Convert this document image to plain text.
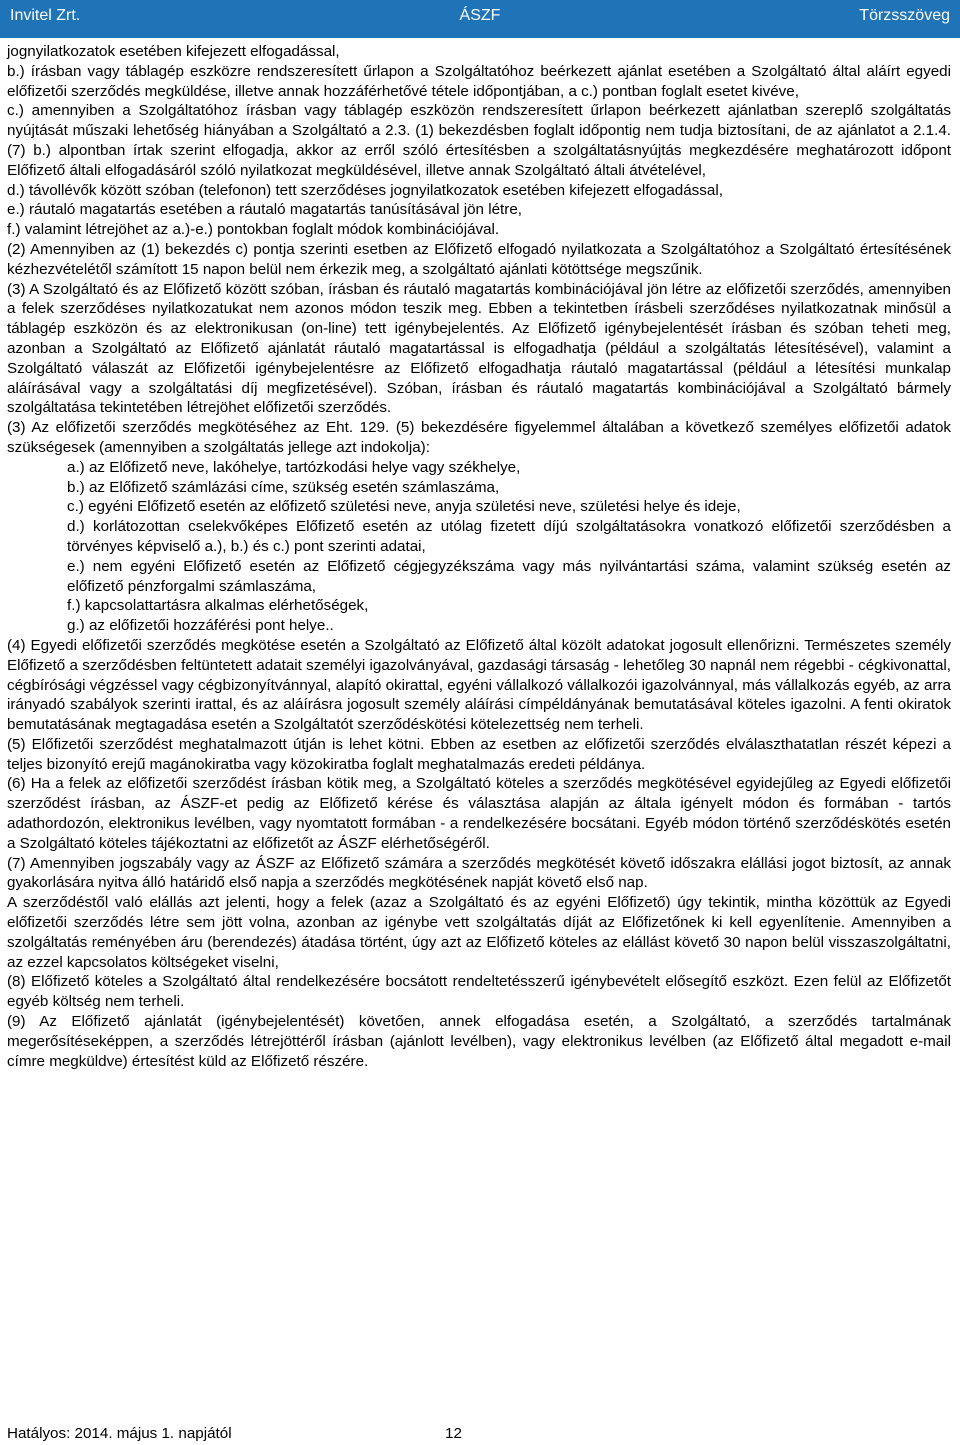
ÁSZF
Invitel Zrt.	Törzsszöveg

jognyilatkozatok esetében kifejezett elfogadással,

b.) írásban vagy táblagép eszközre rendszeresített űrlapon a Szolgáltatóhoz beérkezett ajánlat esetében a Szolgáltató által aláírt egyedi előfizetői szerződés megküldése, illetve annak hozzáférhetővé tétele időpontjában, a c.) pontban foglalt esetet kivéve,

c.) amennyiben a Szolgáltatóhoz írásban vagy táblagép eszközön rendszeresített űrlapon beérkezett ajánlatban szereplő szolgáltatás nyújtását műszaki lehetőség hiányában a Szolgáltató a 2.3. (1) bekezdésben foglalt időpontig nem tudja biztosítani, de az ajánlatot a 2.1.4. (7) b.) alpontban írtak szerint elfogadja, akkor az erről szóló értesítésben a szolgáltatásnyújtás megkezdésére meghatározott időpont Előfizető általi elfogadásáról szóló nyilatkozat megküldésével, illetve annak Szolgáltató általi átvételével,

d.) távollévők között szóban (telefonon) tett szerződéses jognyilatkozatok esetében kifejezett elfogadással,

e.) ráutaló magatartás esetében a ráutaló magatartás tanúsításával jön létre,

f.) valamint létrejöhet az a.)-e.) pontokban foglalt módok kombinációjával.

(2) Amennyiben az (1) bekezdés c) pontja szerinti esetben az Előfizető elfogadó nyilatkozata a Szolgáltatóhoz a Szolgáltató értesítésének kézhezvételétől számított 15 napon belül nem érkezik meg, a szolgáltató ajánlati kötöttsége megszűnik.

(3) A Szolgáltató és az Előfizető között szóban, írásban és ráutaló magatartás kombinációjával jön létre az előfizetői szerződés, amennyiben a felek szerződéses nyilatkozatukat nem azonos módon teszik meg. Ebben a tekintetben írásbeli szerződéses nyilatkozatnak minősül a táblagép eszközön és az elektronikusan (on-line) tett igénybejelentés. Az Előfizető igénybejelentését írásban és szóban teheti meg, azonban a Szolgáltató az Előfizető ajánlatát ráutaló magatartással is elfogadhatja (például a szolgáltatás létesítésével), valamint a Szolgáltató válaszát az Előfizetői igénybejelentésre az Előfizető elfogadhatja ráutaló magatartással (például a létesítési munkalap aláírásával vagy a szolgáltatási díj megfizetésével). Szóban, írásban és ráutaló magatartás kombinációjával a Szolgáltató bármely szolgáltatása tekintetében létrejöhet előfizetői szerződés.

(3) Az előfizetői szerződés megkötéséhez az Eht. 129. (5) bekezdésére figyelemmel általában a következő személyes előfizetői adatok szükségesek (amennyiben a szolgáltatás jellege azt indokolja):

a.) az Előfizető neve, lakóhelye, tartózkodási helye vagy székhelye,

b.) az Előfizető számlázási címe, szükség esetén számlaszáma,

c.) egyéni Előfizető esetén az előfizető születési neve, anyja születési neve, születési helye és ideje,

d.) korlátozottan cselekvőképes Előfizető esetén az utólag fizetett díjú szolgáltatásokra vonatkozó előfizetői szerződésben a törvényes képviselő a.), b.) és c.) pont szerinti adatai,

e.) nem egyéni Előfizető esetén az Előfizető cégjegyzékszáma vagy más nyilvántartási száma, valamint szükség esetén az előfizető pénzforgalmi számlaszáma,

f.) kapcsolattartásra alkalmas elérhetőségek,

g.) az előfizetői hozzáférési pont helye..

(4) Egyedi előfizetői szerződés megkötése esetén a Szolgáltató az Előfizető által közölt adatokat jogosult ellenőrizni. Természetes személy Előfizető a szerződésben feltüntetett adatait személyi igazolványával, gazdasági társaság - lehetőleg 30 napnál nem régebbi - cégkivonattal, cégbírósági végzéssel vagy cégbizonyítvánnyal, alapító okirattal, egyéni vállalkozó vállalkozói igazolvánnyal, más vállalkozás egyéb, az arra irányadó szabályok szerinti irattal, és az aláírásra jogosult személy aláírási címpéldányának bemutatásával köteles igazolni. A fenti okiratok bemutatásának megtagadása esetén a Szolgáltatót szerződéskötési kötelezettség nem terheli.

(5) Előfizetői szerződést meghatalmazott útján is lehet kötni. Ebben az esetben az előfizetői szerződés elválaszthatatlan részét képezi a teljes bizonyító erejű magánokiratba vagy közokiratba foglalt meghatalmazás eredeti példánya.

(6) Ha a felek az előfizetői szerződést írásban kötik meg, a Szolgáltató köteles a szerződés megkötésével egyidejűleg az Egyedi előfizetői szerződést írásban, az ÁSZF-et pedig az Előfizető kérése és választása alapján az általa igényelt módon és formában - tartós adathordozón, elektronikus levélben, vagy nyomtatott formában - a rendelkezésére bocsátani. Egyéb módon történő szerződéskötés esetén a Szolgáltató köteles tájékoztatni az előfizetőt az ÁSZF elérhetőségéről.

(7) Amennyiben jogszabály vagy az ÁSZF az Előfizető számára a szerződés megkötését követő időszakra elállási jogot biztosít, az annak gyakorlására nyitva álló határidő első napja a szerződés megkötésének napját követő első nap.

A szerződéstől való elállás azt jelenti, hogy a felek (azaz a Szolgáltató és az egyéni Előfizető) úgy tekintik, mintha közöttük az Egyedi előfizetői szerződés létre sem jött volna, azonban az igénybe vett szolgáltatás díját az Előfizetőnek ki kell egyenlítenie. Amennyiben a szolgáltatás reményében áru (berendezés) átadása történt, úgy azt az Előfizető köteles az elállást követő 30 napon belül visszaszolgáltatni, az ezzel kapcsolatos költségeket viselni,

(8) Előfizető köteles a Szolgáltató által rendelkezésére bocsátott rendeltetésszerű igénybevételt elősegítő eszközt. Ezen felül az Előfizetőt egyéb költség nem terheli.

(9) Az Előfizető ajánlatát (igénybejelentését) követően, annek elfogadása esetén, a Szolgáltató, a szerződés tartalmának megerősítéseképpen, a szerződés létrejöttéről írásban (ajánlott levélben), vagy elektronikus levélben (az Előfizető által megadott e-mail címre megküldve) értesítést küld az Előfizető részére.

Hatályos: 2014. május 1. napjától	12
